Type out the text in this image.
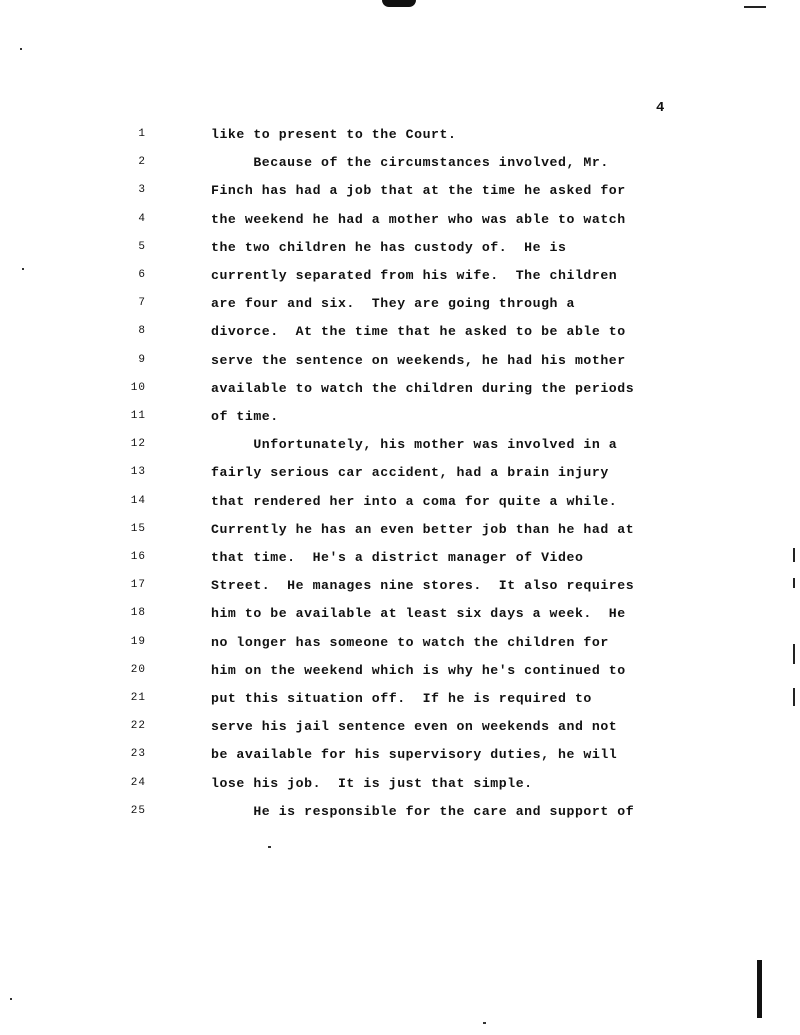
4
1	like to present to the Court.
2	Because of the circumstances involved, Mr.
3	Finch has had a job that at the time he asked for
4	the weekend he had a mother who was able to watch
5	the two children he has custody of.  He is
6	currently separated from his wife.  The children
7	are four and six.  They are going through a
8	divorce.  At the time that he asked to be able to
9	serve the sentence on weekends, he had his mother
10	available to watch the children during the periods
11	of time.
12	Unfortunately, his mother was involved in a
13	fairly serious car accident, had a brain injury
14	that rendered her into a coma for quite a while.
15	Currently he has an even better job than he had at
16	that time.  He's a district manager of Video
17	Street.  He manages nine stores.  It also requires
18	him to be available at least six days a week.  He
19	no longer has someone to watch the children for
20	him on the weekend which is why he's continued to
21	put this situation off.  If he is required to
22	serve his jail sentence even on weekends and not
23	be available for his supervisory duties, he will
24	lose his job.  It is just that simple.
25	He is responsible for the care and support of
